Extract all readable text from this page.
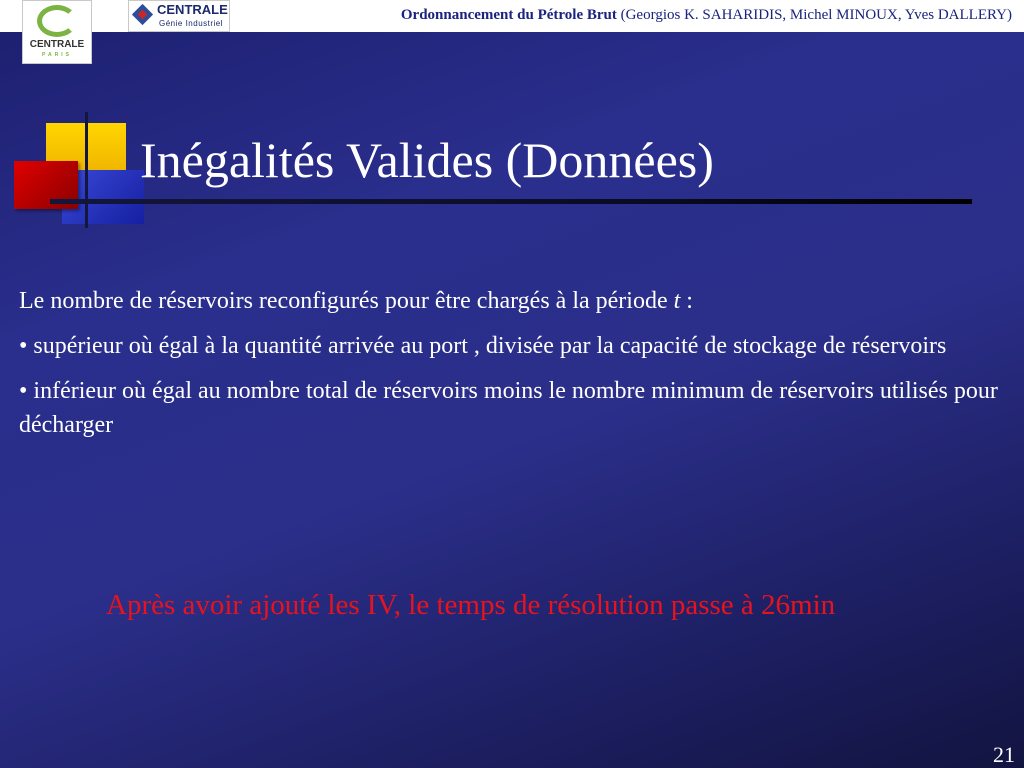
CENTRALE
PARIS
CENTRALE
Génie Industriel
Ordonnancement du Pétrole Brut (Georgios K. SAHARIDIS, Michel MINOUX, Yves DALLERY)
Inégalités Valides (Données)

Le nombre de réservoirs reconfigurés pour être chargés à la période t :

• supérieur où égal à la quantité arrivée au port , divisée par la capacité de stockage de réservoirs

• inférieur où égal au nombre total de réservoirs moins le nombre minimum de réservoirs utilisés pour décharger

Après avoir ajouté les IV, le temps de résolution passe à 26min
21
